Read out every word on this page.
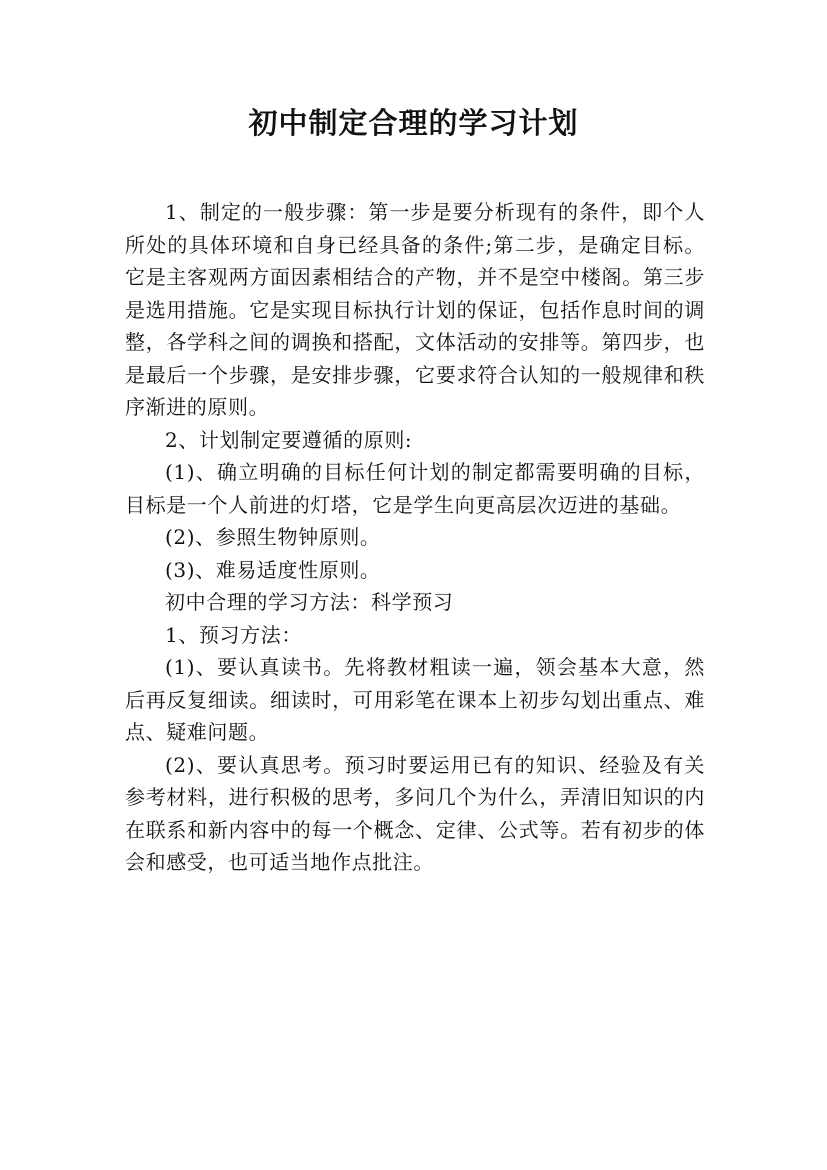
初中制定合理的学习计划

1、制定的一般步骤：第一步是要分析现有的条件，即个人所处的具体环境和自身已经具备的条件;第二步，是确定目标。它是主客观两方面因素相结合的产物，并不是空中楼阁。第三步是选用措施。它是实现目标执行计划的保证，包括作息时间的调整，各学科之间的调换和搭配，文体活动的安排等。第四步，也是最后一个步骤，是安排步骤，它要求符合认知的一般规律和秩序渐进的原则。

2、计划制定要遵循的原则:

(1)、确立明确的目标任何计划的制定都需要明确的目标，目标是一个人前进的灯塔，它是学生向更高层次迈进的基础。

(2)、参照生物钟原则。

(3)、难易适度性原则。

初中合理的学习方法：科学预习

1、预习方法：

(1)、要认真读书。先将教材粗读一遍，领会基本大意，然后再反复细读。细读时，可用彩笔在课本上初步勾划出重点、难点、疑难问题。

(2)、要认真思考。预习时要运用已有的知识、经验及有关参考材料，进行积极的思考，多问几个为什么，弄清旧知识的内在联系和新内容中的每一个概念、定律、公式等。若有初步的体会和感受，也可适当地作点批注。
